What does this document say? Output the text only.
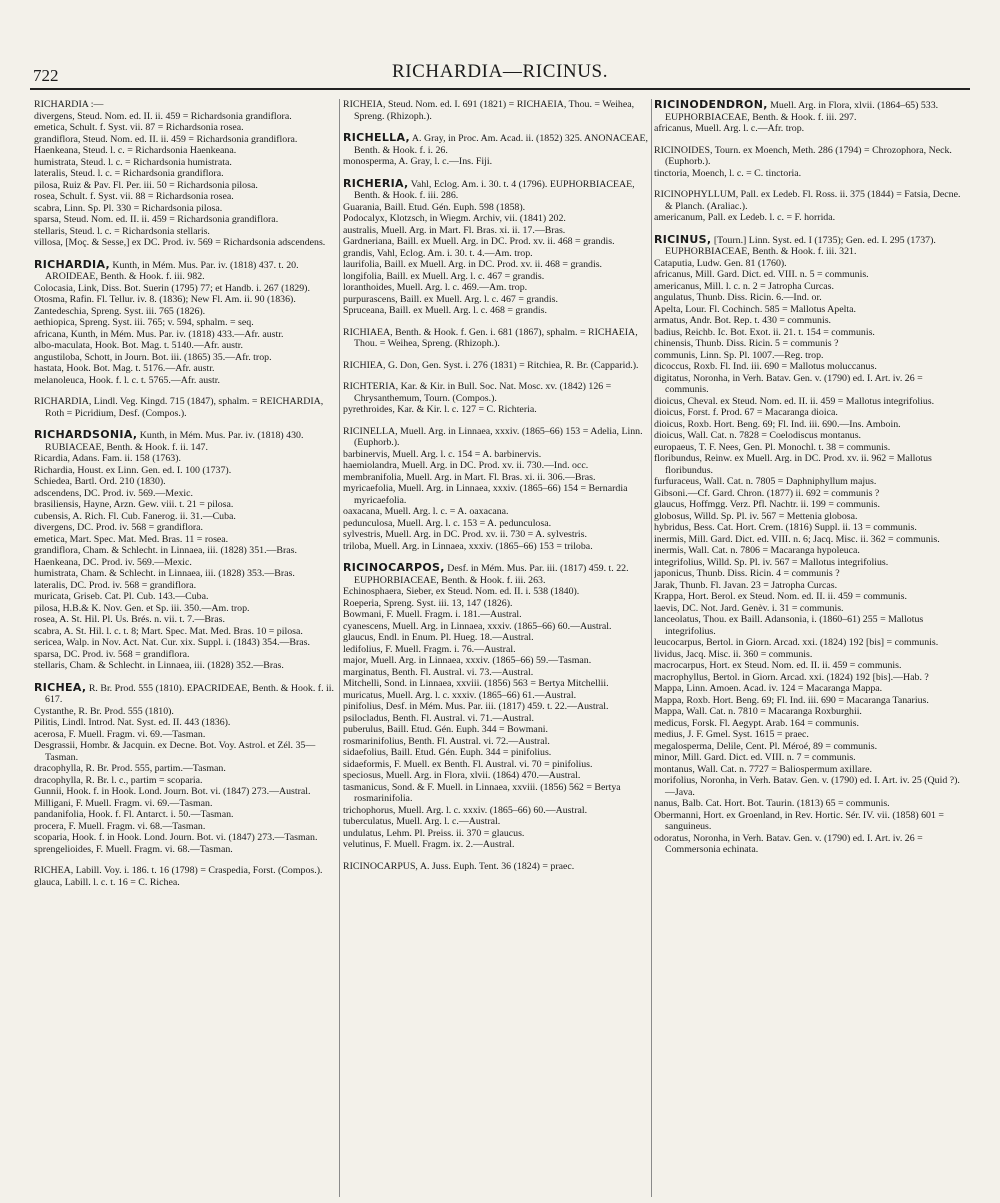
722	RICHARDIA—RICINUS.

RICHARDIA :—

divergens, Steud. Nom. ed. II. ii. 459 = Richardsonia grandiflora.

emetica, Schult. f. Syst. vii. 87 = Richardsonia rosea.

grandiflora, Steud. Nom. ed. II. ii. 459 = Richardsonia grandiflora.

Haenkeana, Steud. l. c. = Richardsonia Haenkeana.

humistrata, Steud. l. c. = Richardsonia humistrata.

lateralis, Steud. l. c. = Richardsonia grandiflora.

pilosa, Ruiz & Pav. Fl. Per. iii. 50 = Richardsonia pilosa.

rosea, Schult. f. Syst. vii. 88 = Richardsonia rosea.

scabra, Linn. Sp. Pl. 330 = Richardsonia pilosa.

sparsa, Steud. Nom. ed. II. ii. 459 = Richardsonia grandiflora.

stellaris, Steud. l. c. = Richardsonia stellaris.

villosa, [Moç. & Sesse,] ex DC. Prod. iv. 569 = Richardsonia adscendens.

RICHARDIA, Kunth, in Mém. Mus. Par. iv. (1818) 437. t. 20. AROIDEAE, Benth. & Hook. f. iii. 982.

Colocasia, Link, Diss. Bot. Suerin (1795) 77; et Handb. i. 267 (1829).

Otosma, Rafin. Fl. Tellur. iv. 8. (1836); New Fl. Am. ii. 90 (1836).

Zantedeschia, Spreng. Syst. iii. 765 (1826).

aethiopica, Spreng. Syst. iii. 765; v. 594, sphalm. = seq.

africana, Kunth, in Mém. Mus. Par. iv. (1818) 433.—Afr. austr.

albo-maculata, Hook. Bot. Mag. t. 5140.—Afr. austr.

angustiloba, Schott, in Journ. Bot. iii. (1865) 35.—Afr. trop.

hastata, Hook. Bot. Mag. t. 5176.—Afr. austr.

melanoleuca, Hook. f. l. c. t. 5765.—Afr. austr.

RICHARDIA, Lindl. Veg. Kingd. 715 (1847), sphalm. = REICHARDIA, Roth = Picridium, Desf. (Compos.).

RICHARDSONIA, Kunth, in Mém. Mus. Par. iv. (1818) 430. RUBIACEAE, Benth. & Hook. f. ii. 147.

Ricardia, Adans. Fam. ii. 158 (1763).

Richardia, Houst. ex Linn. Gen. ed. I. 100 (1737).

Schiedea, Bartl. Ord. 210 (1830).

adscendens, DC. Prod. iv. 569.—Mexic.

brasiliensis, Hayne, Arzn. Gew. viii. t. 21 = pilosa.

cubensis, A. Rich. Fl. Cub. Fanerog. ii. 31.—Cuba.

divergens, DC. Prod. iv. 568 = grandiflora.

emetica, Mart. Spec. Mat. Med. Bras. 11 = rosea.

grandiflora, Cham. & Schlecht. in Linnaea, iii. (1828) 351.—Bras.

Haenkeana, DC. Prod. iv. 569.—Mexic.

humistrata, Cham. & Schlecht. in Linnaea, iii. (1828) 353.—Bras.

lateralis, DC. Prod. iv. 568 = grandiflora.

muricata, Griseb. Cat. Pl. Cub. 143.—Cuba.

pilosa, H.B.& K. Nov. Gen. et Sp. iii. 350.—Am. trop.

rosea, A. St. Hil. Pl. Us. Brés. n. vii. t. 7.—Bras.

scabra, A. St. Hil. l. c. t. 8; Mart. Spec. Mat. Med. Bras. 10 = pilosa.

sericea, Walp. in Nov. Act. Nat. Cur. xix. Suppl. i. (1843) 354.—Bras.

sparsa, DC. Prod. iv. 568 = grandiflora.

stellaris, Cham. & Schlecht. in Linnaea, iii. (1828) 352.—Bras.

RICHEA, R. Br. Prod. 555 (1810). EPACRIDEAE, Benth. & Hook. f. ii. 617.

Cystanthe, R. Br. Prod. 555 (1810).

Pilitis, Lindl. Introd. Nat. Syst. ed. II. 443 (1836).

acerosa, F. Muell. Fragm. vi. 69.—Tasman.

Desgrassii, Hombr. & Jacquin. ex Decne. Bot. Voy. Astrol. et Zél. 35—Tasman.

dracophylla, R. Br. Prod. 555, partim.—Tasman.

dracophylla, R. Br. l. c., partim = scoparia.

Gunnii, Hook. f. in Hook. Lond. Journ. Bot. vi. (1847) 273.—Austral.

Milligani, F. Muell. Fragm. vi. 69.—Tasman.

pandanifolia, Hook. f. Fl. Antarct. i. 50.—Tasman.

procera, F. Muell. Fragm. vi. 68.—Tasman.

scoparia, Hook. f. in Hook. Lond. Journ. Bot. vi. (1847) 273.—Tasman.

sprengelioides, F. Muell. Fragm. vi. 68.—Tasman.

RICHEA, Labill. Voy. i. 186. t. 16 (1798) = Craspedia, Forst. (Compos.).

glauca, Labill. l. c. t. 16 = C. Richea.

RICHEIA, Steud. Nom. ed. I. 691 (1821) = RICHAEIA, Thou. = Weihea, Spreng. (Rhizoph.).

RICHELLA, A. Gray, in Proc. Am. Acad. ii. (1852) 325. ANONACEAE, Benth. & Hook. f. i. 26.

monosperma, A. Gray, l. c.—Ins. Fiji.

RICHERIA, Vahl, Eclog. Am. i. 30. t. 4 (1796). EUPHORBIACEAE, Benth. & Hook. f. iii. 286.

Guarania, Baill. Etud. Gén. Euph. 598 (1858).

Podocalyx, Klotzsch, in Wiegm. Archiv, vii. (1841) 202.

australis, Muell. Arg. in Mart. Fl. Bras. xi. ii. 17.—Bras.

Gardneriana, Baill. ex Muell. Arg. in DC. Prod. xv. ii. 468 = grandis.

grandis, Vahl, Eclog. Am. i. 30. t. 4.—Am. trop.

laurifolia, Baill. ex Muell. Arg. in DC. Prod. xv. ii. 468 = grandis.

longifolia, Baill. ex Muell. Arg. l. c. 467 = grandis.

loranthoides, Muell. Arg. l. c. 469.—Am. trop.

purpurascens, Baill. ex Muell. Arg. l. c. 467 = grandis.

Spruceana, Baill. ex Muell. Arg. l. c. 468 = grandis.

RICHIAEA, Benth. & Hook. f. Gen. i. 681 (1867), sphalm. = RICHAEIA, Thou. = Weihea, Spreng. (Rhizoph.).

RICHIEA, G. Don, Gen. Syst. i. 276 (1831) = Ritchiea, R. Br. (Capparid.).

RICHTERIA, Kar. & Kir. in Bull. Soc. Nat. Mosc. xv. (1842) 126 = Chrysanthemum, Tourn. (Compos.).

pyrethroides, Kar. & Kir. l. c. 127 = C. Richteria.

RICINELLA, Muell. Arg. in Linnaea, xxxiv. (1865–66) 153 = Adelia, Linn. (Euphorb.).

barbinervis, Muell. Arg. l. c. 154 = A. barbinervis.

haemiolandra, Muell. Arg. in DC. Prod. xv. ii. 730.—Ind. occ.

membranifolia, Muell. Arg. in Mart. Fl. Bras. xi. ii. 306.—Bras.

myricaefolia, Muell. Arg. in Linnaea, xxxiv. (1865–66) 154 = Bernardia myricaefolia.

oaxacana, Muell. Arg. l. c. = A. oaxacana.

pedunculosa, Muell. Arg. l. c. 153 = A. pedunculosa.

sylvestris, Muell. Arg. in DC. Prod. xv. ii. 730 = A. sylvestris.

triloba, Muell. Arg. in Linnaea, xxxiv. (1865–66) 153 = triloba.

RICINOCARPOS, Desf. in Mém. Mus. Par. iii. (1817) 459. t. 22. EUPHORBIACEAE, Benth. & Hook. f. iii. 263.

Echinosphaera, Sieber, ex Steud. Nom. ed. II. i. 538 (1840).

Roeperia, Spreng. Syst. iii. 13, 147 (1826).

Bowmani, F. Muell. Fragm. i. 181.—Austral.

cyanescens, Muell. Arg. in Linnaea, xxxiv. (1865–66) 60.—Austral.

glaucus, Endl. in Enum. Pl. Hueg. 18.—Austral.

ledifolius, F. Muell. Fragm. i. 76.—Austral.

major, Muell. Arg. in Linnaea, xxxiv. (1865–66) 59.—Tasman.

marginatus, Benth. Fl. Austral. vi. 73.—Austral.

Mitchelli, Sond. in Linnaea, xxviii. (1856) 563 = Bertya Mitchellii.

muricatus, Muell. Arg. l. c. xxxiv. (1865–66) 61.—Austral.

pinifolius, Desf. in Mém. Mus. Par. iii. (1817) 459. t. 22.—Austral.

psilocladus, Benth. Fl. Austral. vi. 71.—Austral.

puberulus, Baill. Etud. Gén. Euph. 344 = Bowmani.

rosmarinifolius, Benth. Fl. Austral. vi. 72.—Austral.

sidaefolius, Baill. Etud. Gén. Euph. 344 = pinifolius.

sidaeformis, F. Muell. ex Benth. Fl. Austral. vi. 70 = pinifolius.

speciosus, Muell. Arg. in Flora, xlvii. (1864) 470.—Austral.

tasmanicus, Sond. & F. Muell. in Linnaea, xxviii. (1856) 562 = Bertya rosmarinifolia.

trichophorus, Muell. Arg. l. c. xxxiv. (1865–66) 60.—Austral.

tuberculatus, Muell. Arg. l. c.—Austral.

undulatus, Lehm. Pl. Preiss. ii. 370 = glaucus.

velutinus, F. Muell. Fragm. ix. 2.—Austral.

RICINOCARPUS, A. Juss. Euph. Tent. 36 (1824) = praec.

RICINODENDRON, Muell. Arg. in Flora, xlvii. (1864–65) 533. EUPHORBIACEAE, Benth. & Hook. f. iii. 297.

africanus, Muell. Arg. l. c.—Afr. trop.

RICINOIDES, Tourn. ex Moench, Meth. 286 (1794) = Chrozophora, Neck. (Euphorb.).

tinctoria, Moench, l. c. = C. tinctoria.

RICINOPHYLLUM, Pall. ex Ledeb. Fl. Ross. ii. 375 (1844) = Fatsia, Decne. & Planch. (Araliac.).

americanum, Pall. ex Ledeb. l. c. = F. horrida.

RICINUS, [Tourn.] Linn. Syst. ed. I (1735); Gen. ed. I. 295 (1737). EUPHORBIACEAE, Benth. & Hook. f. iii. 321.

Cataputia, Ludw. Gen. 81 (1760).

africanus, Mill. Gard. Dict. ed. VIII. n. 5 = communis.

americanus, Mill. l. c. n. 2 = Jatropha Curcas.

angulatus, Thunb. Diss. Ricin. 6.—Ind. or.

Apelta, Lour. Fl. Cochinch. 585 = Mallotus Apelta.

armatus, Andr. Bot. Rep. t. 430 = communis.

badius, Reichb. Ic. Bot. Exot. ii. 21. t. 154 = communis.

chinensis, Thunb. Diss. Ricin. 5 = communis ?

communis, Linn. Sp. Pl. 1007.—Reg. trop.

dicoccus, Roxb. Fl. Ind. iii. 690 = Mallotus moluccanus.

digitatus, Noronha, in Verh. Batav. Gen. v. (1790) ed. I. Art. iv. 26 = communis.

dioicus, Cheval. ex Steud. Nom. ed. II. ii. 459 = Mallotus integrifolius.

dioicus, Forst. f. Prod. 67 = Macaranga dioica.

dioicus, Roxb. Hort. Beng. 69; Fl. Ind. iii. 690.—Ins. Amboin.

dioicus, Wall. Cat. n. 7828 = Coelodiscus montanus.

europaeus, T. F. Nees, Gen. Pl. Monochl. t. 38 = communis.

floribundus, Reinw. ex Muell. Arg. in DC. Prod. xv. ii. 962 = Mallotus floribundus.

furfuraceus, Wall. Cat. n. 7805 = Daphniphyllum majus.

Gibsoni.—Cf. Gard. Chron. (1877) ii. 692 = communis ?

glaucus, Hoffmgg. Verz. Pfl. Nachtr. ii. 199 = communis.

globosus, Willd. Sp. Pl. iv. 567 = Mettenia globosa.

hybridus, Bess. Cat. Hort. Crem. (1816) Suppl. ii. 13 = communis.

inermis, Mill. Gard. Dict. ed. VIII. n. 6; Jacq. Misc. ii. 362 = communis.

inermis, Wall. Cat. n. 7806 = Macaranga hypoleuca.

integrifolius, Willd. Sp. Pl. iv. 567 = Mallotus integrifolius.

japonicus, Thunb. Diss. Ricin. 4 = communis ?

Jarak, Thunb. Fl. Javan. 23 = Jatropha Curcas.

Krappa, Hort. Berol. ex Steud. Nom. ed. II. ii. 459 = communis.

laevis, DC. Not. Jard. Genèv. i. 31 = communis.

lanceolatus, Thou. ex Baill. Adansonia, i. (1860–61) 255 = Mallotus integrifolius.

leucocarpus, Bertol. in Giorn. Arcad. xxi. (1824) 192 [bis] = communis.

lividus, Jacq. Misc. ii. 360 = communis.

macrocarpus, Hort. ex Steud. Nom. ed. II. ii. 459 = communis.

macrophyllus, Bertol. in Giorn. Arcad. xxi. (1824) 192 [bis].—Hab. ?

Mappa, Linn. Amoen. Acad. iv. 124 = Macaranga Mappa.

Mappa, Roxb. Hort. Beng. 69; Fl. Ind. iii. 690 = Macaranga Tanarius.

Mappa, Wall. Cat. n. 7810 = Macaranga Roxburghii.

medicus, Forsk. Fl. Aegypt. Arab. 164 = communis.

medius, J. F. Gmel. Syst. 1615 = praec.

megalosperma, Delile, Cent. Pl. Méroé, 89 = communis.

minor, Mill. Gard. Dict. ed. VIII. n. 7 = communis.

montanus, Wall. Cat. n. 7727 = Baliospermum axillare.

morifolius, Noronha, in Verh. Batav. Gen. v. (1790) ed. I. Art. iv. 25 (Quid ?).—Java.

nanus, Balb. Cat. Hort. Bot. Taurin. (1813) 65 = communis.

Obermanni, Hort. ex Groenland, in Rev. Hortic. Sér. IV. vii. (1858) 601 = sanguineus.

odoratus, Noronha, in Verh. Batav. Gen. v. (1790) ed. I. Art. iv. 26 = Commersonia echinata.
